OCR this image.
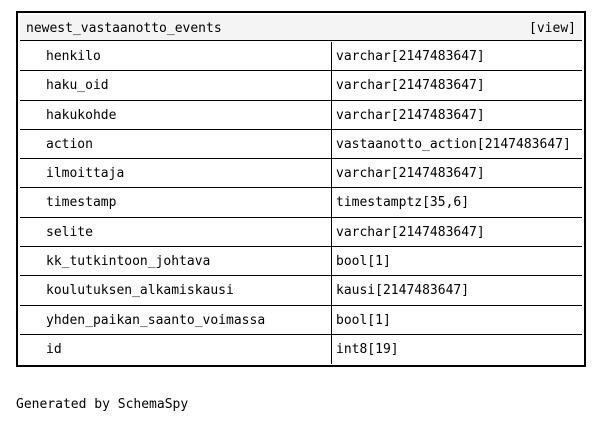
newest_vastaanotto_events	[view]
henkilo	varchar[2147483647]
haku_oid	varchar[2147483647]
hakukohde	varchar[2147483647]
action	vastaanotto_action[2147483647]
ilmoittaja	varchar[2147483647]
timestamp	timestamptz[35,6]
selite	varchar[2147483647]
kk_tutkintoon_johtava	bool[1]
koulutuksen_alkamiskausi	kausi[2147483647]
yhden_paikan_saanto_voimassa	bool[1]
id	int8[19]
Generated by SchemaSpy
